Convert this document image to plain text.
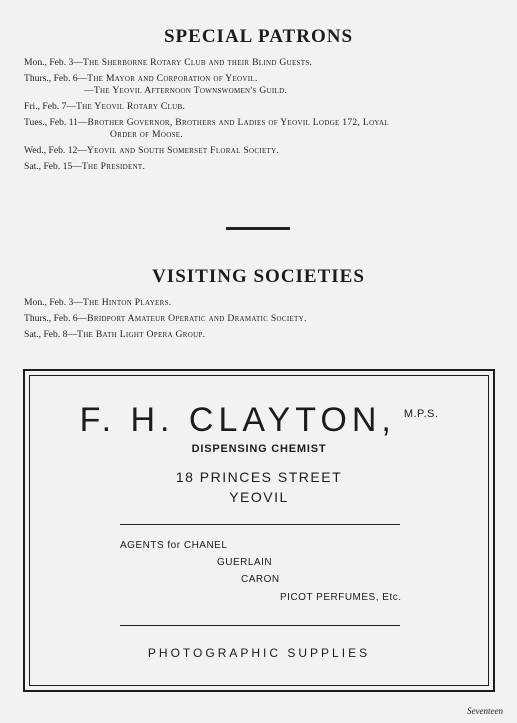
SPECIAL PATRONS
Mon., Feb. 3—The Sherborne Rotary Club and their Blind Guests.
Thurs., Feb. 6—The Mayor and Corporation of Yeovil.
—The Yeovil Afternoon Townswomen's Guild.
Fri., Feb. 7—The Yeovil Rotary Club.
Tues., Feb. 11—Brother Governor, Brothers and Ladies of Yeovil Lodge 172, Loyal
Order of Moose.
Wed., Feb. 12—Yeovil and South Somerset Floral Society.
Sat., Feb. 15—The President.
VISITING SOCIETIES
Mon., Feb. 3—The Hinton Players.
Thurs., Feb. 6—Bridport Amateur Operatic and Dramatic Society.
Sat., Feb. 8—The Bath Light Opera Group.
F. H. CLAYTON, $^{M.P.S.}$
DISPENSING CHEMIST
18 PRINCES STREET
YEOVIL
AGENTS for CHANEL
GUERLAIN
CARON
PICOT PERFUMES, Etc.
PHOTOGRAPHIC SUPPLIES
Seventeen
